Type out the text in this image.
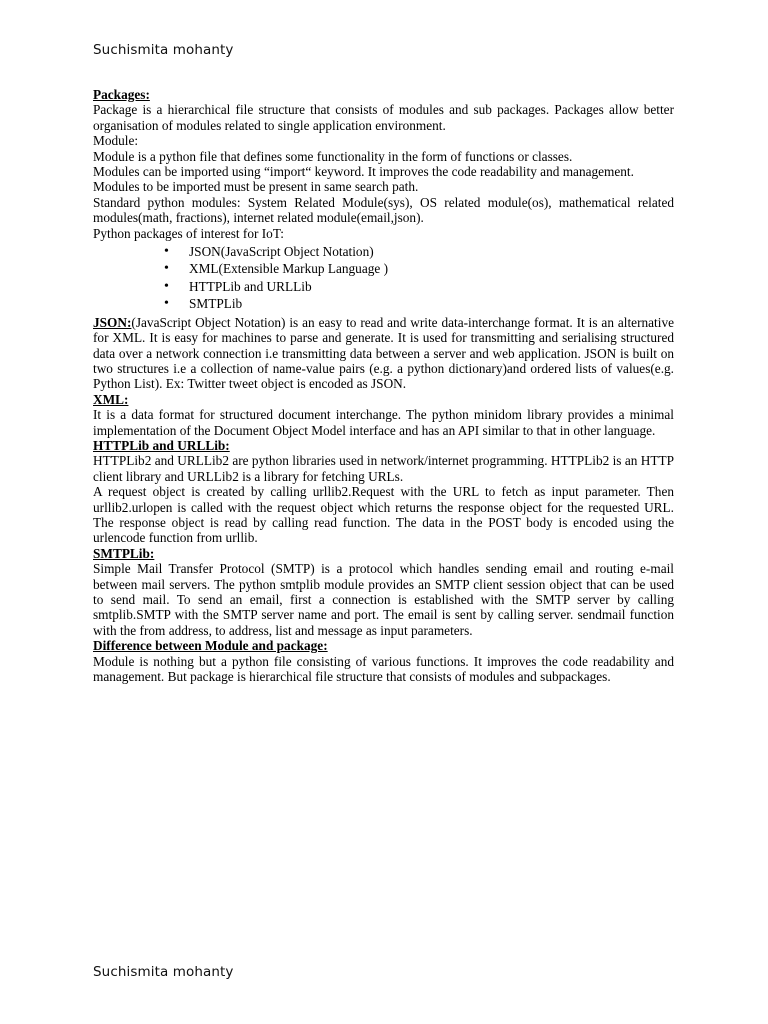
Suchismita mohanty

Packages:

Package is a hierarchical file structure that consists of modules and sub packages. Packages allow better organisation of modules related to single application environment.

Module:

Module is a python file that defines some functionality in the form of functions or classes.

Modules can be imported using “import“ keyword. It improves the code readability and management.

Modules to be imported must be present in same search path.

Standard python modules: System Related Module(sys), OS related module(os), mathematical related modules(math, fractions), internet related module(email,json).

Python packages of interest for IoT:

• JSON(JavaScript Object Notation)
• XML(Extensible Markup Language )
• HTTPLib and URLLib
• SMTPLib

JSON:(JavaScript Object Notation) is an easy to read and write data-interchange format. It is an alternative for XML. It is easy for machines to parse and generate. It is used for transmitting and serialising structured data over a network connection i.e transmitting data between a server and web application. JSON is built on two structures i.e a collection of name-value pairs (e.g. a python dictionary)and ordered lists of values(e.g. Python List). Ex: Twitter tweet object is encoded as JSON.

XML:

It is a data format for structured document interchange. The python minidom library provides a minimal implementation of the Document Object Model interface and has an API similar to that in other language.

HTTPLib and URLLib:

HTTPLib2 and URLLib2 are python libraries used in network/internet programming. HTTPLib2 is an HTTP client library and URLLib2 is a library for fetching URLs.

A request object is created by calling urllib2.Request with the URL to fetch as input parameter. Then urllib2.urlopen is called with the request object which returns the response object for the requested URL. The response object is read by calling read function. The data in the POST body is encoded using the urlencode function from urllib.

SMTPLib:

Simple Mail Transfer Protocol (SMTP) is a protocol which handles sending email and routing e-mail between mail servers. The python smtplib module provides an SMTP client session object that can be used to send mail. To send an email, first a connection is established with the SMTP server by calling smtplib.SMTP with the SMTP server name and port. The email is sent by calling server. sendmail function with the from address, to address, list and message as input parameters.

Difference between Module and package:

Module is nothing but a python file consisting of various functions. It improves the code readability and management. But package is hierarchical file structure that consists of modules and subpackages.

Suchismita mohanty
